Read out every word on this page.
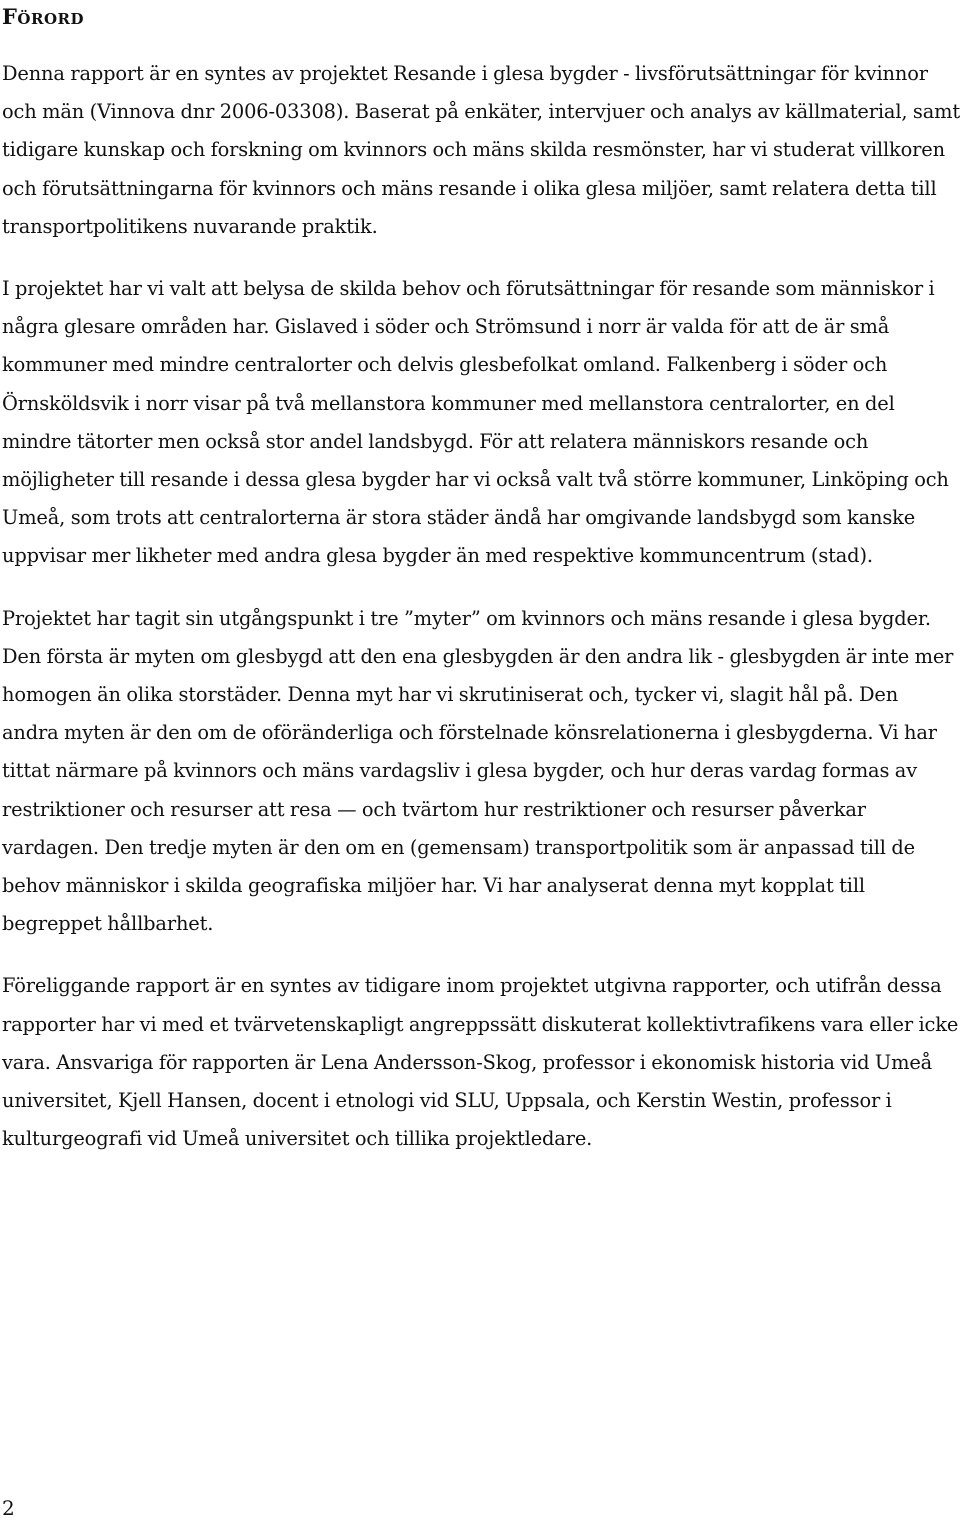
Förord

Denna rapport är en syntes av projektet Resande i glesa bygder - livsförutsättningar för kvinnor och män (Vinnova dnr 2006-03308). Baserat på enkäter, intervjuer och analys av källmaterial, samt tidigare kunskap och forskning om kvinnors och mäns skilda resmönster, har vi studerat villkoren och förutsättningarna för kvinnors och mäns resande i olika glesa miljöer, samt relatera detta till transportpolitikens nuvarande praktik.

I projektet har vi valt att belysa de skilda behov och förutsättningar för resande som människor i några glesare områden har. Gislaved i söder och Strömsund i norr är valda för att de är små kommuner med mindre centralorter och delvis glesbefolkat omland. Falkenberg i söder och Örnsköldsvik i norr visar på två mellanstora kommuner med mellanstora centralorter, en del mindre tätorter men också stor andel landsbygd. För att relatera människors resande och möjligheter till resande i dessa glesa bygder har vi också valt två större kommuner, Linköping och Umeå, som trots att centralorterna är stora städer ändå har omgivande landsbygd som kanske uppvisar mer likheter med andra glesa bygder än med respektive kommuncentrum (stad).

Projektet har tagit sin utgångspunkt i tre ”myter” om kvinnors och mäns resande i glesa bygder. Den första är myten om glesbygd att den ena glesbygden är den andra lik - glesbygden är inte mer homogen än olika storstäder. Denna myt har vi skrutiniserat och, tycker vi, slagit hål på. Den andra myten är den om de oföränderliga och förstelnade könsrelationerna i glesbygderna. Vi har tittat närmare på kvinnors och mäns vardagsliv i glesa bygder, och hur deras vardag formas av restriktioner och resurser att resa — och tvärtom hur restriktioner och resurser påverkar vardagen. Den tredje myten är den om en (gemensam) transportpolitik som är anpassad till de behov människor i skilda geografiska miljöer har. Vi har analyserat denna myt kopplat till begreppet hållbarhet.

Föreliggande rapport är en syntes av tidigare inom projektet utgivna rapporter, och utifrån dessa rapporter har vi med et tvärvetenskapligt angreppssätt diskuterat kollektivtrafikens vara eller icke vara. Ansvariga för rapporten är Lena Andersson-Skog, professor i ekonomisk historia vid Umeå universitet, Kjell Hansen, docent i etnologi vid SLU, Uppsala, och Kerstin Westin, professor i kulturgeografi vid Umeå universitet och tillika projektledare.

2
